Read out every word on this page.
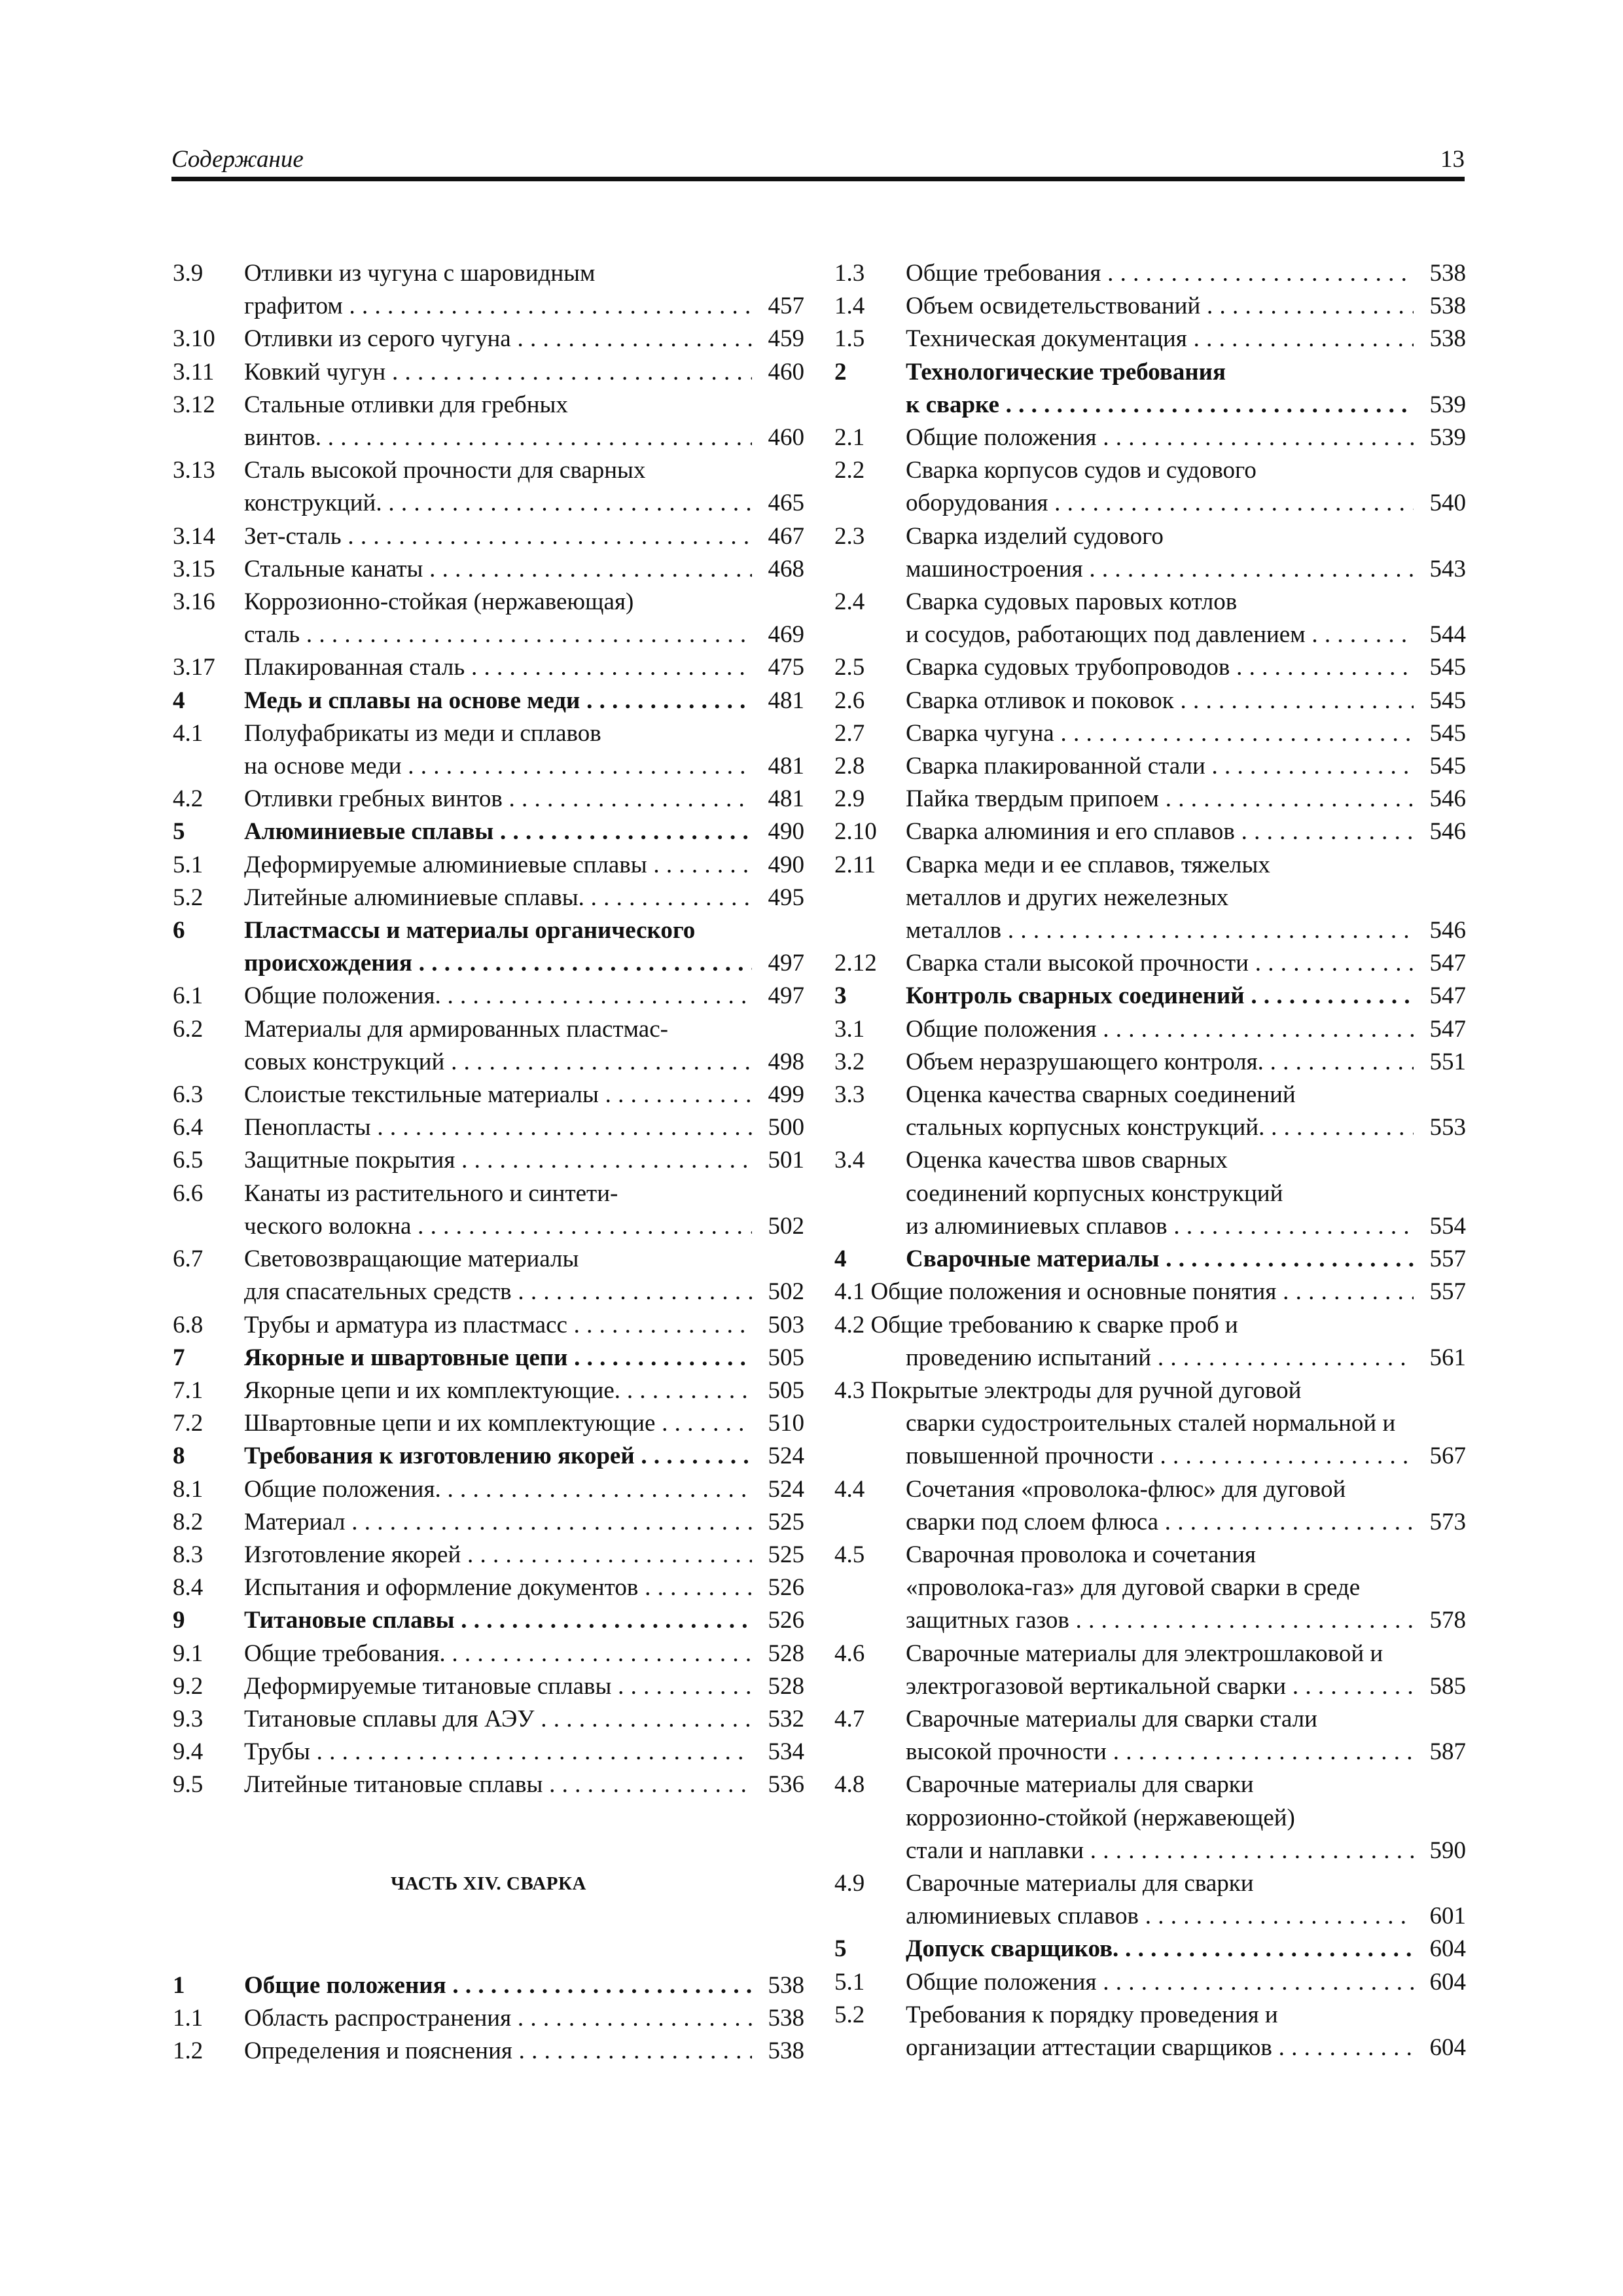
Содержание	13
3.9 Отливки из чугуна с шаровидным
графитом . . .	457
3.10 Отливки из серого чугуна . . .	459
3.11 Ковкий чугун . . .	460
3.12 Стальные отливки для гребных
винтов. . . .	460
3.13 Сталь высокой прочности для сварных
конструкций. . . .	465
3.14 Зет-сталь . . .	467
3.15 Стальные канаты . . .	468
3.16 Коррозионно-стойкая (нержавеющая)
сталь . . .	469
3.17 Плакированная сталь . . .	475
4 Медь и сплавы на основе меди . . .	481
4.1 Полуфабрикаты из меди и сплавов
на основе меди . . .	481
4.2 Отливки гребных винтов . . .	481
5 Алюминиевые сплавы . . .	490
5.1 Деформируемые алюминиевые сплавы . . .	490
5.2 Литейные алюминиевые сплавы. . . .	495
6 Пластмассы и материалы органического
происхождения . . .	497
6.1 Общие положения. . . .	497
6.2 Материалы для армированных пластмас-
совых конструкций . . .	498
6.3 Слоистые текстильные материалы . . .	499
6.4 Пенопласты . . .	500
6.5 Защитные покрытия . . .	501
6.6 Канаты из растительного и синтети-
ческого волокна . . .	502
6.7 Световозвращающие материалы
для спасательных средств . . .	502
6.8 Трубы и арматура из пластмасс . . .	503
7 Якорные и швартовные цепи . . .	505
7.1 Якорные цепи и их комплектующие. . . .	505
7.2 Швартовные цепи и их комплектующие . . .	510
8 Требования к изготовлению якорей . . .	524
8.1 Общие положения. . . .	524
8.2 Материал . . .	525
8.3 Изготовление якорей . . .	525
8.4 Испытания и оформление документов . . .	526
9 Титановые сплавы . . .	526
9.1 Общие требования. . . .	528
9.2 Деформируемые титановые сплавы . . .	528
9.3 Титановые сплавы для АЭУ . . .	532
9.4 Трубы . . .	534
9.5 Литейные титановые сплавы . . .	536
ЧАСТЬ XIV. СВАРКА
1 Общие положения . . .	538
1.1 Область распространения . . .	538
1.2 Определения и пояснения . . .	538
1.3 Общие требования . . .	538
1.4 Объем освидетельствований . . .	538
1.5 Техническая документация . . .	538
2 Технологические требования
к сварке . . .	539
2.1 Общие положения . . .	539
2.2 Сварка корпусов судов и судового
оборудования . . .	540
2.3 Сварка изделий судового
машиностроения . . .	543
2.4 Сварка судовых паровых котлов
и сосудов, работающих под давлением . . .	544
2.5 Сварка судовых трубопроводов . . .	545
2.6 Сварка отливок и поковок . . .	545
2.7 Сварка чугуна . . .	545
2.8 Сварка плакированной стали . . .	545
2.9 Пайка твердым припоем . . .	546
2.10 Сварка алюминия и его сплавов . . .	546
2.11 Сварка меди и ее сплавов, тяжелых
металлов и других нежелезных
металлов . . .	546
2.12 Сварка стали высокой прочности . . .	547
3 Контроль сварных соединений . . .	547
3.1 Общие положения . . .	547
3.2 Объем неразрушающего контроля. . . .	551
3.3 Оценка качества сварных соединений
стальных корпусных конструкций. . . .	553
3.4 Оценка качества швов сварных
соединений корпусных конструкций
из алюминиевых сплавов . . .	554
4 Сварочные материалы . . .	557
4.1 Общие положения и основные понятия . . .	557
4.2 Общие требованию к сварке проб и
проведению испытаний . . .	561
4.3 Покрытые электроды для ручной дуговой
сварки судостроительных сталей нормальной и
повышенной прочности . . .	567
4.4 Сочетания «проволока-флюс» для дуговой
сварки под слоем флюса . . .	573
4.5 Сварочная проволока и сочетания
«проволока-газ» для дуговой сварки в среде
защитных газов . . .	578
4.6 Сварочные материалы для электрошлаковой и
электрогазовой вертикальной сварки . . .	585
4.7 Сварочные материалы для сварки стали
высокой прочности . . .	587
4.8 Сварочные материалы для сварки
коррозионно-стойкой (нержавеющей)
стали и наплавки . . .	590
4.9 Сварочные материалы для сварки
алюминиевых сплавов . . .	601
5 Допуск сварщиков. . . .	604
5.1 Общие положения . . .	604
5.2 Требования к порядку проведения и
организации аттестации сварщиков . . .	604
